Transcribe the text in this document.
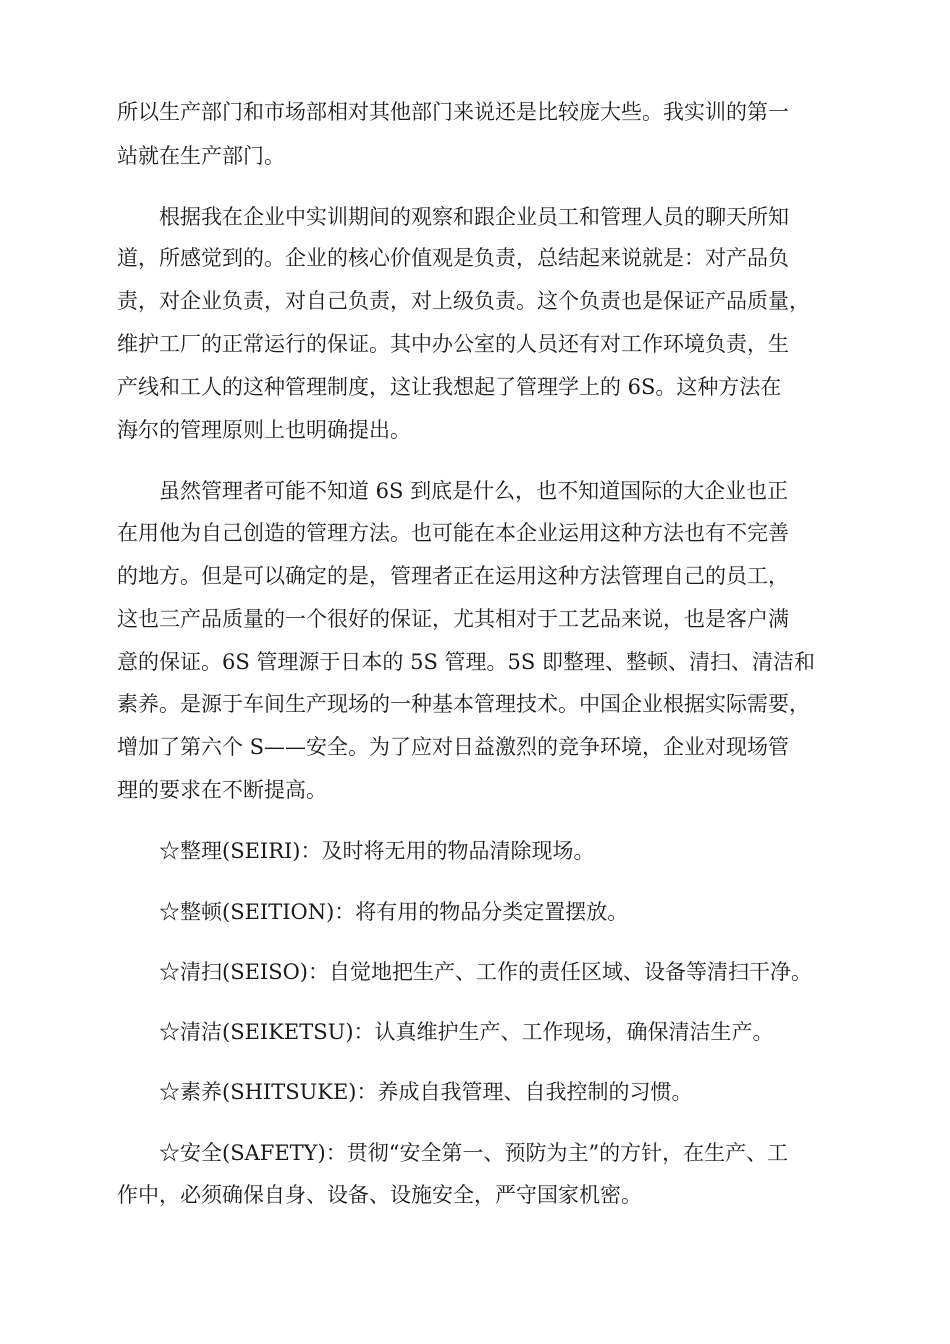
所以生产部门和市场部相对其他部门来说还是比较庞大些。我实训的第一
站就在生产部门。
根据我在企业中实训期间的观察和跟企业员工和管理人员的聊天所知
道，所感觉到的。企业的核心价值观是负责，总结起来说就是：对产品负
责，对企业负责，对自己负责，对上级负责。这个负责也是保证产品质量，
维护工厂的正常运行的保证。其中办公室的人员还有对工作环境负责，生
产线和工人的这种管理制度，这让我想起了管理学上的 6S。这种方法在
海尔的管理原则上也明确提出。
虽然管理者可能不知道 6S 到底是什么，也不知道国际的大企业也正
在用他为自己创造的管理方法。也可能在本企业运用这种方法也有不完善
的地方。但是可以确定的是，管理者正在运用这种方法管理自己的员工，
这也三产品质量的一个很好的保证，尤其相对于工艺品来说，也是客户满
意的保证。6S 管理源于日本的 5S 管理。5S 即整理、整顿、清扫、清洁和
素养。是源于车间生产现场的一种基本管理技术。中国企业根据实际需要，
增加了第六个 S——安全。为了应对日益激烈的竞争环境，企业对现场管
理的要求在不断提高。
☆整理(SEIRI)：及时将无用的物品清除现场。
☆整顿(SEITION)：将有用的物品分类定置摆放。
☆清扫(SEISO)：自觉地把生产、工作的责任区域、设备等清扫干净。
☆清洁(SEIKETSU)：认真维护生产、工作现场，确保清洁生产。
☆素养(SHITSUKE)：养成自我管理、自我控制的习惯。
☆安全(SAFETY)：贯彻“安全第一、预防为主”的方针，在生产、工
作中，必须确保自身、设备、设施安全，严守国家机密。
